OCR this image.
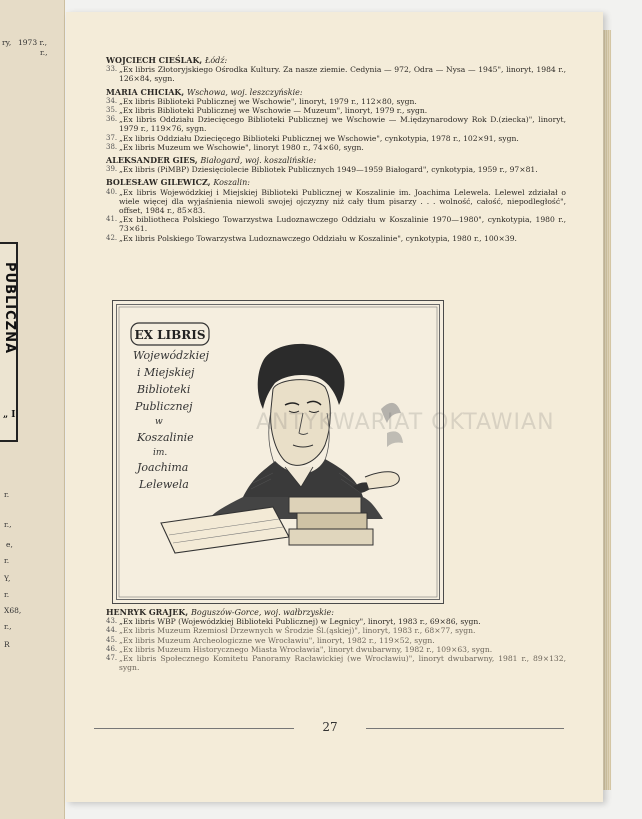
ry, 1973 r.,
r.,
r.
r.,
e,
r.
Y,
r.
X68,
r.,
R
PUBLICZNA
„ I
WOJCIECH CIEŚLAK, Łódź:
33. „Ex libris Złotoryjskiego Ośrodka Kultury. Za nasze ziemie. Cedynia — 972, Odra — Nysa — 1945", linoryt, 1984 r., 126×84, sygn.
MARIA CHICIAK, Wschowa, woj. leszczyńskie:
34. „Ex libris Biblioteki Publicznej we Wschowie", linoryt, 1979 r., 112×80, sygn.
35. „Ex libris Biblioteki Publicznej we Wschowie — Muzeum", linoryt, 1979 r., sygn.
36. „Ex libris Oddziału Dziecięcego Biblioteki Publicznej we Wschowie — M.iędzynarodowy Rok D.(ziecka)", linoryt, 1979 r., 119×76, sygn.
37. „Ex libris Oddziału Dziecięcego Biblioteki Publicznej we Wschowie", cynkotypia, 1978 r., 102×91, sygn.
38. „Ex libris Muzeum we Wschowie", linoryt 1980 r., 74×60, sygn.
ALEKSANDER GIES, Białogard, woj. koszalińskie:
39. „Ex libris (PiMBP) Dziesięciolecie Bibliotek Publicznych 1949—1959 Białogard", cynkotypia, 1959 r., 97×81.
BOLESŁAW GILEWICZ, Koszalin:
40. „Ex libris Wojewódzkiej i Miejskiej Biblioteki Publicznej w Koszalinie im. Joachima Lelewela. Lelewel zdziałał o wiele więcej dla wyjaśnienia niewoli swojej ojczyzny niż cały tłum pisarzy . . . wolność, całość, niepodległość", offset, 1984 r., 85×83.
41. „Ex bibliotheca Polskiego Towarzystwa Ludoznawczego Oddziału w Koszalinie 1970—1980", cynkotypia, 1980 r., 73×61.
42. „Ex libris Polskiego Towarzystwa Ludoznawczego Oddziału w Koszalinie", cynkotypia, 1980 r., 100×39.
EX LIBRIS
Wojewódzkiej
i Miejskiej
Biblioteki
Publicznej
w
Koszalinie
im.
Joachima
Lelewela
ANTYKWARIAT OKTAWIAN
HENRYK GRAJEK, Boguszów-Gorce, woj. wałbrzyskie:
43. „Ex libris WBP (Wojewódzkiej Biblioteki Publicznej) w Legnicy", linoryt, 1983 r., 69×86, sygn.
44. „Ex libris Muzeum Rzemiosł Drzewnych w Środzie Śl.(ąskiej)", linoryt, 1983 r., 68×77, sygn.
45. „Ex libris Muzeum Archeologiczne we Wrocławiu", linoryt, 1982 r., 119×52, sygn.
46. „Ex libris Muzeum Historycznego Miasta Wrocławia", linoryt dwubarwny, 1982 r., 109×63, sygn.
47. „Ex libris Społecznego Komitetu Panoramy Racławickiej (we Wrocławiu)", linoryt dwubarwny, 1981 r., 89×132, sygn.
27
